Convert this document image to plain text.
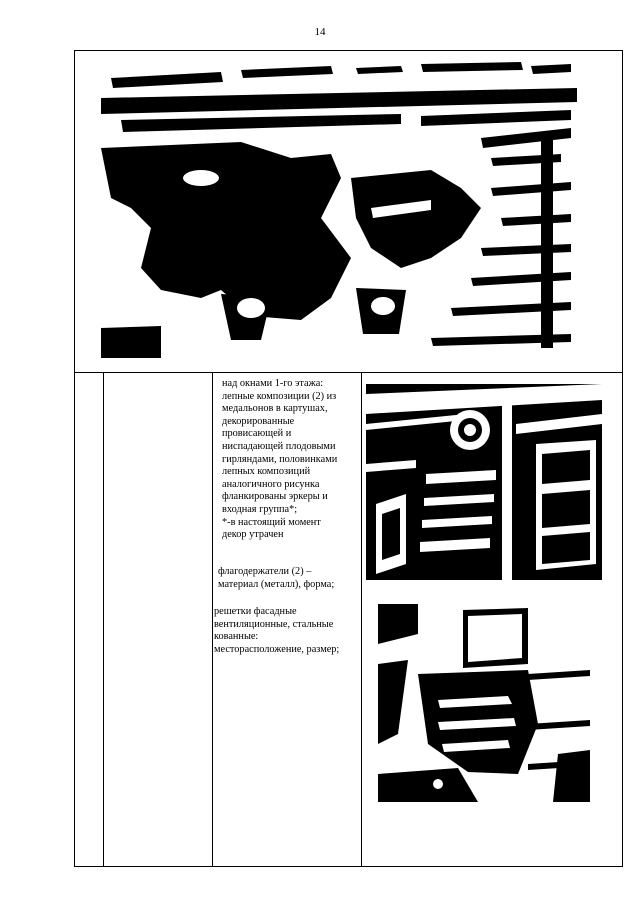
14

над окнами 1-го этажа:

лепные композиции (2) из

медальонов в картушах,

декорированные

провисающей и

ниспадающей плодовыми

гирляндами, половинками

лепных композиций

аналогичного рисунка

фланкированы эркеры и

входная группа*;

*-в настоящий момент

декор утрачен

флагодержатели (2) –

материал (металл), форма;

решетки фасадные

вентиляционные, стальные

кованные:

месторасположение, размер;
